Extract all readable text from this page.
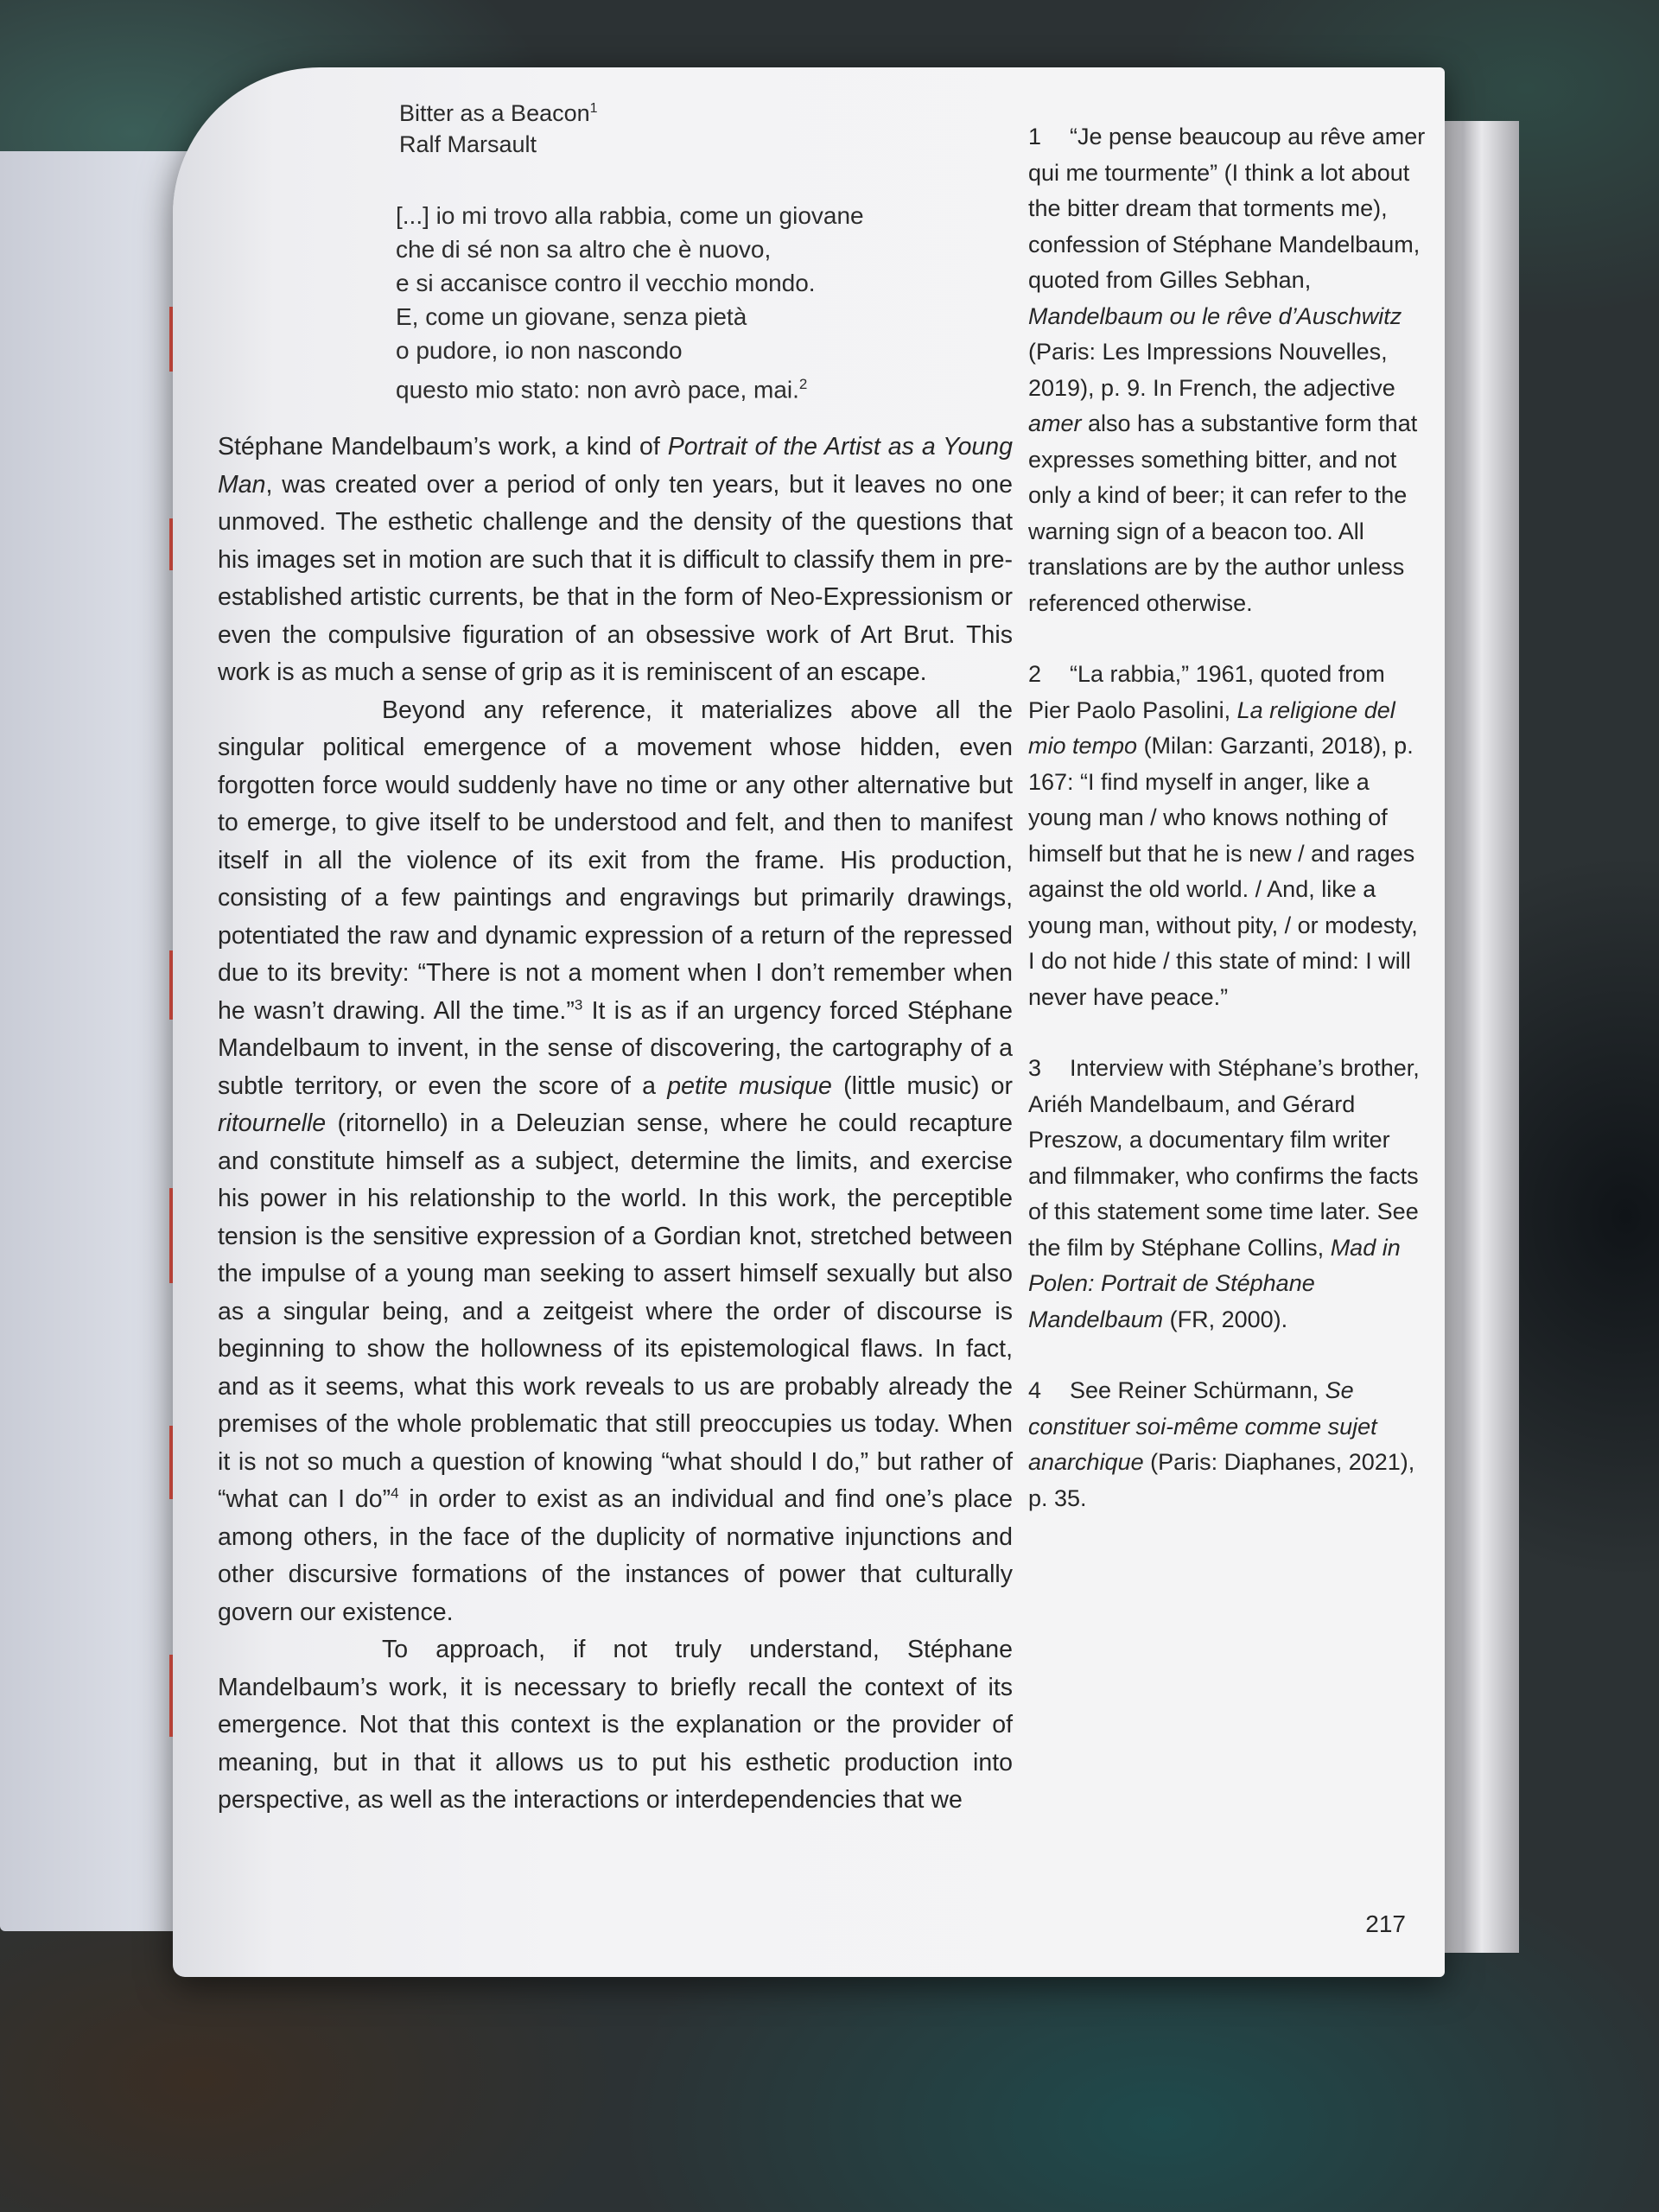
Bitter as a Beacon$^1$
Ralf Marsault
[...] io mi trovo alla rabbia, come un giovane
che di sé non sa altro che è nuovo,
e si accanisce contro il vecchio mondo.
E, come un giovane, senza pietà
o pudore, io non nascondo
questo mio stato: non avrò pace, mai.$^2$

Stéphane Mandelbaum’s work, a kind of Portrait of the Artist as a Young Man, was created over a period of only ten years, but it leaves no one unmoved. The esthetic challenge and the density of the questions that his images set in motion are such that it is difficult to classify them in pre-established artistic currents, be that in the form of Neo-Expressionism or even the compulsive figuration of an obsessive work of Art Brut. This work is as much a sense of grip as it is reminiscent of an escape.

Beyond any reference, it materializes above all the singular political emergence of a movement whose hidden, even forgotten force would suddenly have no time or any other alternative but to emerge, to give itself to be understood and felt, and then to manifest itself in all the violence of its exit from the frame. His production, consisting of a few paintings and engravings but primarily drawings, potentiated the raw and dynamic expression of a return of the repressed due to its brevity: “There is not a moment when I don’t remember when he wasn’t drawing. All the time.”$^3$ It is as if an urgency forced Stéphane Mandelbaum to invent, in the sense of discovering, the cartography of a subtle territory, or even the score of a petite musique (little music) or ritournelle (ritornello) in a Deleuzian sense, where he could recapture and constitute himself as a subject, determine the limits, and exercise his power in his relationship to the world. In this work, the perceptible tension is the sensitive expression of a Gordian knot, stretched between the impulse of a young man seeking to assert himself sexually but also as a singular being, and a zeitgeist where the order of discourse is beginning to show the hollowness of its epistemological flaws. In fact, and as it seems, what this work reveals to us are probably already the premises of the whole problematic that still preoccupies us today. When it is not so much a question of knowing “what should I do,” but rather of “what can I do”$^4$ in order to exist as an individual and find one’s place among others, in the face of the duplicity of normative injunctions and other discursive formations of the instances of power that culturally govern our existence.

To approach, if not truly understand, Stéphane Mandelbaum’s work, it is necessary to briefly recall the context of its emergence. Not that this context is the explanation or the provider of meaning, but in that it allows us to put his esthetic production into perspective, as well as the interactions or interdependencies that we

1 “Je pense beaucoup au rêve amer qui me tourmente” (I think a lot about the bitter dream that torments me), confession of Stéphane Mandelbaum, quoted from Gilles Sebhan, Mandelbaum ou le rêve d’Auschwitz (Paris: Les Impressions Nouvelles, 2019), p. 9. In French, the adjective amer also has a substantive form that expresses something bitter, and not only a kind of beer; it can refer to the warning sign of a beacon too. All translations are by the author unless referenced otherwise.

2 “La rabbia,” 1961, quoted from Pier Paolo Pasolini, La religione del mio tempo (Milan: Garzanti, 2018), p. 167: “I find myself in anger, like a young man / who knows nothing of himself but that he is new / and rages against the old world. / And, like a young man, without pity, / or modesty, I do not hide / this state of mind: I will never have peace.”

3 Interview with Stéphane’s brother, Ariéh Mandelbaum, and Gérard Preszow, a documentary film writer and filmmaker, who confirms the facts of this statement some time later. See the film by Stéphane Collins, Mad in Polen: Portrait de Stéphane Mandelbaum (FR, 2000).

4 See Reiner Schürmann, Se constituer soi-même comme sujet anarchique (Paris: Diaphanes, 2021), p. 35.

217
